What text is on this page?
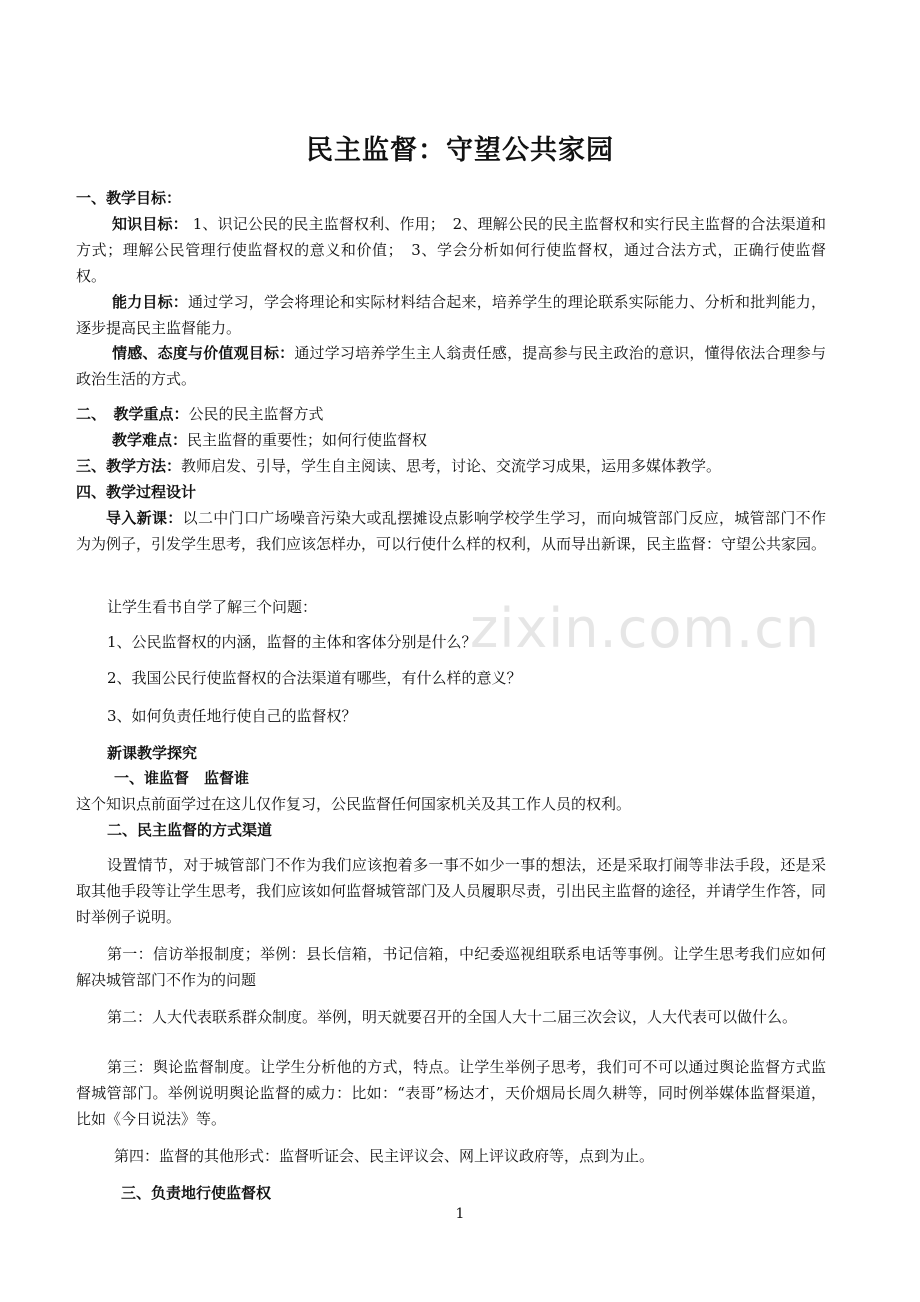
民主监督：守望公共家园
一、教学目标：
知识目标： 1、识记公民的民主监督权利、作用；　2、理解公民的民主监督权和实行民主监督的合法渠道和方式；理解公民管理行使监督权的意义和价值；　3、学会分析如何行使监督权，通过合法方式，正确行使监督权。
能力目标：通过学习，学会将理论和实际材料结合起来，培养学生的理论联系实际能力、分析和批判能力，逐步提高民主监督能力。
情感、态度与价值观目标：通过学习培养学生主人翁责任感，提高参与民主政治的意识，懂得依法合理参与政治生活的方式。
二、　教学重点：公民的民主监督方式
教学难点：民主监督的重要性；如何行使监督权
三、教学方法：教师启发、引导，学生自主阅读、思考，讨论、交流学习成果，运用多媒体教学。
四、教学过程设计
导入新课：以二中门口广场噪音污染大或乱摆摊设点影响学校学生学习，而向城管部门反应，城管部门不作为为例子，引发学生思考，我们应该怎样办，可以行使什么样的权利，从而导出新课，民主监督：守望公共家园。
让学生看书自学了解三个问题：
1、公民监督权的内涵，监督的主体和客体分别是什么？
2、我国公民行使监督权的合法渠道有哪些，有什么样的意义？
3、如何负责任地行使自己的监督权？
新课教学探究
一、谁监督　监督谁
这个知识点前面学过在这儿仅作复习，公民监督任何国家机关及其工作人员的权利。
二、民主监督的方式渠道
设置情节，对于城管部门不作为我们应该抱着多一事不如少一事的想法，还是采取打闹等非法手段，还是采取其他手段等让学生思考，我们应该如何监督城管部门及人员履职尽责，引出民主监督的途径，并请学生作答，同时举例子说明。
第一：信访举报制度；举例：县长信箱，书记信箱，中纪委巡视组联系电话等事例。让学生思考我们应如何解决城管部门不作为的问题
第二：人大代表联系群众制度。举例，明天就要召开的全国人大十二届三次会议，人大代表可以做什么。
第三：舆论监督制度。让学生分析他的方式，特点。让学生举例子思考，我们可不可以通过舆论监督方式监督城管部门。举例说明舆论监督的威力：比如：“表哥”杨达才，天价烟局长周久耕等，同时例举媒体监督渠道，比如《今日说法》等。
第四：监督的其他形式：监督听证会、民主评议会、网上评议政府等，点到为止。
三、负责地行使监督权
zixin.com.cn
1
